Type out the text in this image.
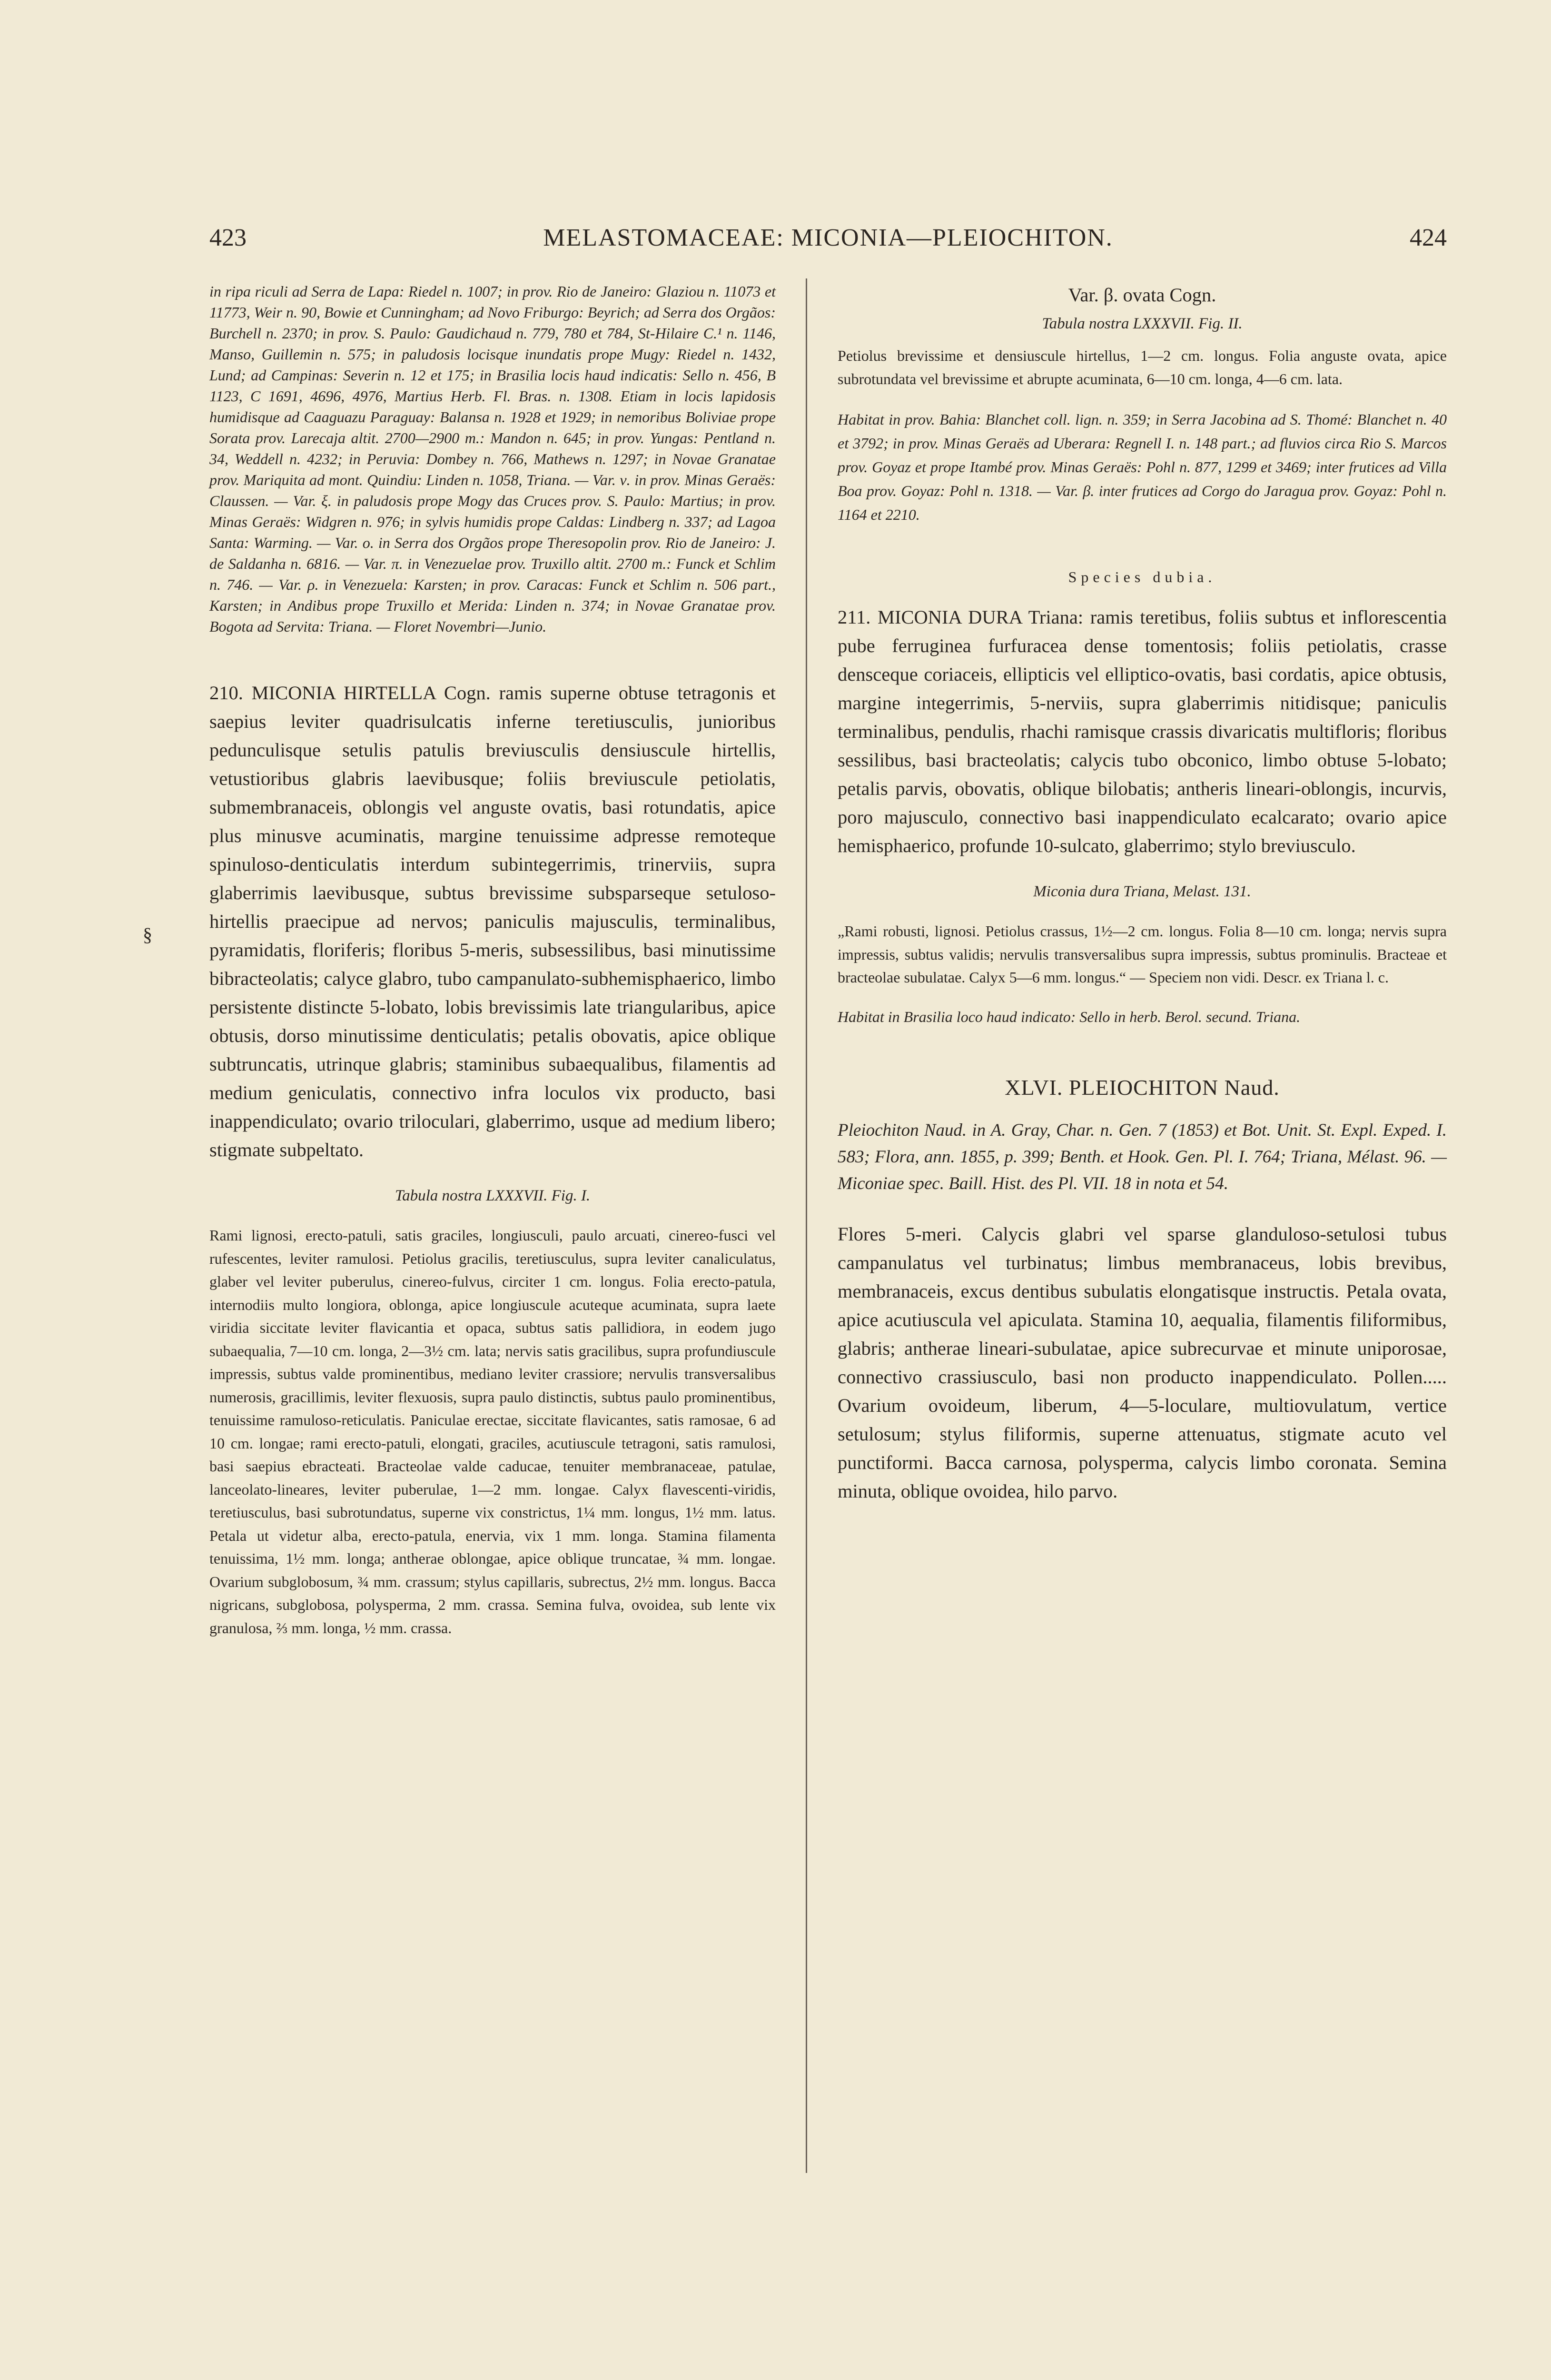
423	MELASTOMACEAE: MICONIA—PLEIOCHITON.	424
§

in ripa riculi ad Serra de Lapa: Riedel n. 1007; in prov. Rio de Janeiro: Glaziou n. 11073 et 11773, Weir n. 90, Bowie et Cunningham; ad Novo Friburgo: Beyrich; ad Serra dos Orgãos: Burchell n. 2370; in prov. S. Paulo: Gaudichaud n. 779, 780 et 784, St-Hilaire C.¹ n. 1146, Manso, Guillemin n. 575; in paludosis locisque inundatis prope Mugy: Riedel n. 1432, Lund; ad Campinas: Severin n. 12 et 175; in Brasilia locis haud indicatis: Sello n. 456, B 1123, C 1691, 4696, 4976, Martius Herb. Fl. Bras. n. 1308. Etiam in locis lapidosis humidisque ad Caaguazu Paraguay: Balansa n. 1928 et 1929; in nemoribus Boliviae prope Sorata prov. Larecaja altit. 2700—2900 m.: Mandon n. 645; in prov. Yungas: Pentland n. 34, Weddell n. 4232; in Peruvia: Dombey n. 766, Mathews n. 1297; in Novae Granatae prov. Mariquita ad mont. Quindiu: Linden n. 1058, Triana. — Var. ν. in prov. Minas Geraës: Claussen. — Var. ξ. in paludosis prope Mogy das Cruces prov. S. Paulo: Martius; in prov. Minas Geraës: Widgren n. 976; in sylvis humidis prope Caldas: Lindberg n. 337; ad Lagoa Santa: Warming. — Var. ο. in Serra dos Orgãos prope Theresopolin prov. Rio de Janeiro: J. de Saldanha n. 6816. — Var. π. in Venezuelae prov. Truxillo altit. 2700 m.: Funck et Schlim n. 746. — Var. ρ. in Venezuela: Karsten; in prov. Caracas: Funck et Schlim n. 506 part., Karsten; in Andibus prope Truxillo et Merida: Linden n. 374; in Novae Granatae prov. Bogota ad Servita: Triana. — Floret Novembri—Junio.

210. MICONIA HIRTELLA Cogn. ramis superne obtuse tetragonis et saepius leviter quadrisulcatis inferne teretiusculis, junioribus pedunculisque setulis patulis breviusculis densiusculе hirtellis, vetustioribus glabris laevibusque; foliis breviuscule petiolatis, submembranaceis, oblongis vel anguste ovatis, basi rotundatis, apice plus minusve acuminatis, margine tenuissime adpresse remoteque spinuloso-denticulatis interdum subintegerrimis, trinerviis, supra glaberrimis laevibusque, subtus brevissime subsparseque setuloso-hirtellis praecipue ad nervos; paniculis majusculis, terminalibus, pyramidatis, floriferis; floribus 5-meris, subsessilibus, basi minutissime bibracteolatis; calyce glabro, tubo campanulato-subhemisphaerico, limbo persistente distincte 5-lobato, lobis brevissimis late triangularibus, apice obtusis, dorso minutissime denticulatis; petalis obovatis, apice oblique subtruncatis, utrinque glabris; staminibus subaequalibus, filamentis ad medium geniculatis, connectivo infra loculos vix producto, basi inappendiculato; ovario triloculari, glaberrimo, usque ad medium libero; stigmate subpeltato.

Tabula nostra LXXXVII. Fig. I.

Rami lignosi, erecto-patuli, satis graciles, longiusculi, paulo arcuati, cinereo-fusci vel rufescentes, leviter ramulosi. Petiolus gracilis, teretiusculus, supra leviter canaliculatus, glaber vel leviter puberulus, cinereo-fulvus, circiter 1 cm. longus. Folia erecto-patula, internodiis multo longiora, oblonga, apice longiuscule acuteque acuminata, supra laete viridia siccitate leviter flavicantia et opaca, subtus satis pallidiora, in eodem jugo subaequalia, 7—10 cm. longa, 2—3½ cm. lata; nervis satis gracilibus, supra profundiuscule impressis, subtus valde prominentibus, mediano leviter crassiore; nervulis transversalibus numerosis, gracillimis, leviter flexuosis, supra paulo distinctis, subtus paulo prominentibus, tenuissime ramuloso-reticulatis. Paniculae erectae, siccitate flavicantes, satis ramosae, 6 ad 10 cm. longae; rami erecto-patuli, elongati, graciles, acutiuscule tetragoni, satis ramulosi, basi saepius ebracteati. Bracteolae valde caducae, tenuiter membranaceae, patulae, lanceolato-lineares, leviter puberulae, 1—2 mm. longae. Calyx flavescenti-viridis, teretiusculus, basi subrotundatus, superne vix constrictus, 1¼ mm. longus, 1½ mm. latus. Petala ut videtur alba, erecto-patula, enervia, vix 1 mm. longa. Stamina filamenta tenuissima, 1½ mm. longa; antherae oblongae, apice oblique truncatae, ¾ mm. longae. Ovarium subglobosum, ¾ mm. crassum; stylus capillaris, subrectus, 2½ mm. longus. Bacca nigricans, subglobosa, polysperma, 2 mm. crassa. Semina fulva, ovoidea, sub lente vix granulosa, ⅔ mm. longa, ½ mm. crassa.

Var. β. ovata Cogn.

Tabula nostra LXXXVII. Fig. II.

Petiolus brevissime et densiuscule hirtellus, 1—2 cm. longus. Folia anguste ovata, apice subrotundata vel brevissime et abrupte acuminata, 6—10 cm. longa, 4—6 cm. lata.

Habitat in prov. Bahia: Blanchet coll. lign. n. 359; in Serra Jacobina ad S. Thomé: Blanchet n. 40 et 3792; in prov. Minas Geraës ad Uberara: Regnell I. n. 148 part.; ad fluvios circa Rio S. Marcos prov. Goyaz et prope Itambé prov. Minas Geraës: Pohl n. 877, 1299 et 3469; inter frutices ad Villa Boa prov. Goyaz: Pohl n. 1318. — Var. β. inter frutices ad Corgo do Jaragua prov. Goyaz: Pohl n. 1164 et 2210.

Species dubia.

211. MICONIA DURA Triana: ramis teretibus, foliis subtus et inflorescentia pube ferruginea furfuracea dense tomentosis; foliis petiolatis, crasse densceque coriaceis, ellipticis vel elliptico-ovatis, basi cordatis, apice obtusis, margine integerrimis, 5-nerviis, supra glaberrimis nitidisque; paniculis terminalibus, pendulis, rhachi ramisque crassis divaricatis multifloris; floribus sessilibus, basi bracteolatis; calycis tubo obconico, limbo obtuse 5-lobato; petalis parvis, obovatis, oblique bilobatis; antheris lineari-oblongis, incurvis, poro majusculo, connectivo basi inappendiculato ecalcarato; ovario apice hemisphaerico, profunde 10-sulcato, glaberrimo; stylo breviusculo.

Miconia dura Triana, Melast. 131.

„Rami robusti, lignosi. Petiolus crassus, 1½—2 cm. longus. Folia 8—10 cm. longa; nervis supra impressis, subtus validis; nervulis transversalibus supra impressis, subtus prominulis. Bracteae et bracteolae subulatae. Calyx 5—6 mm. longus.“ — Speciem non vidi. Descr. ex Triana l. c.

Habitat in Brasilia loco haud indicato: Sello in herb. Berol. secund. Triana.

XLVI. PLEIOCHITON Naud.

Pleiochiton Naud. in A. Gray, Char. n. Gen. 7 (1853) et Bot. Unit. St. Expl. Exped. I. 583; Flora, ann. 1855, p. 399; Benth. et Hook. Gen. Pl. I. 764; Triana, Mélast. 96. — Miconiae spec. Baill. Hist. des Pl. VII. 18 in nota et 54.

Flores 5-meri. Calycis glabri vel sparse glanduloso-setulosi tubus campanulatus vel turbinatus; limbus membranaceus, lobis brevibus, membranaceis, excus dentibus subulatis elongatisque instructis. Petala ovata, apice acutiuscula vel apiculata. Stamina 10, aequalia, filamentis filiformibus, glabris; antherae lineari-subulatae, apice subrecurvae et minute uniporosae, connectivo crassiusculo, basi non producto inappendiculato. Pollen..... Ovarium ovoideum, liberum, 4—5-loculare, multiovulatum, vertice setulosum; stylus filiformis, superne attenuatus, stigmate acuto vel punctiformi. Bacca carnosa, polysperma, calycis limbo coronata. Semina minuta, oblique ovoidea, hilo parvo.
